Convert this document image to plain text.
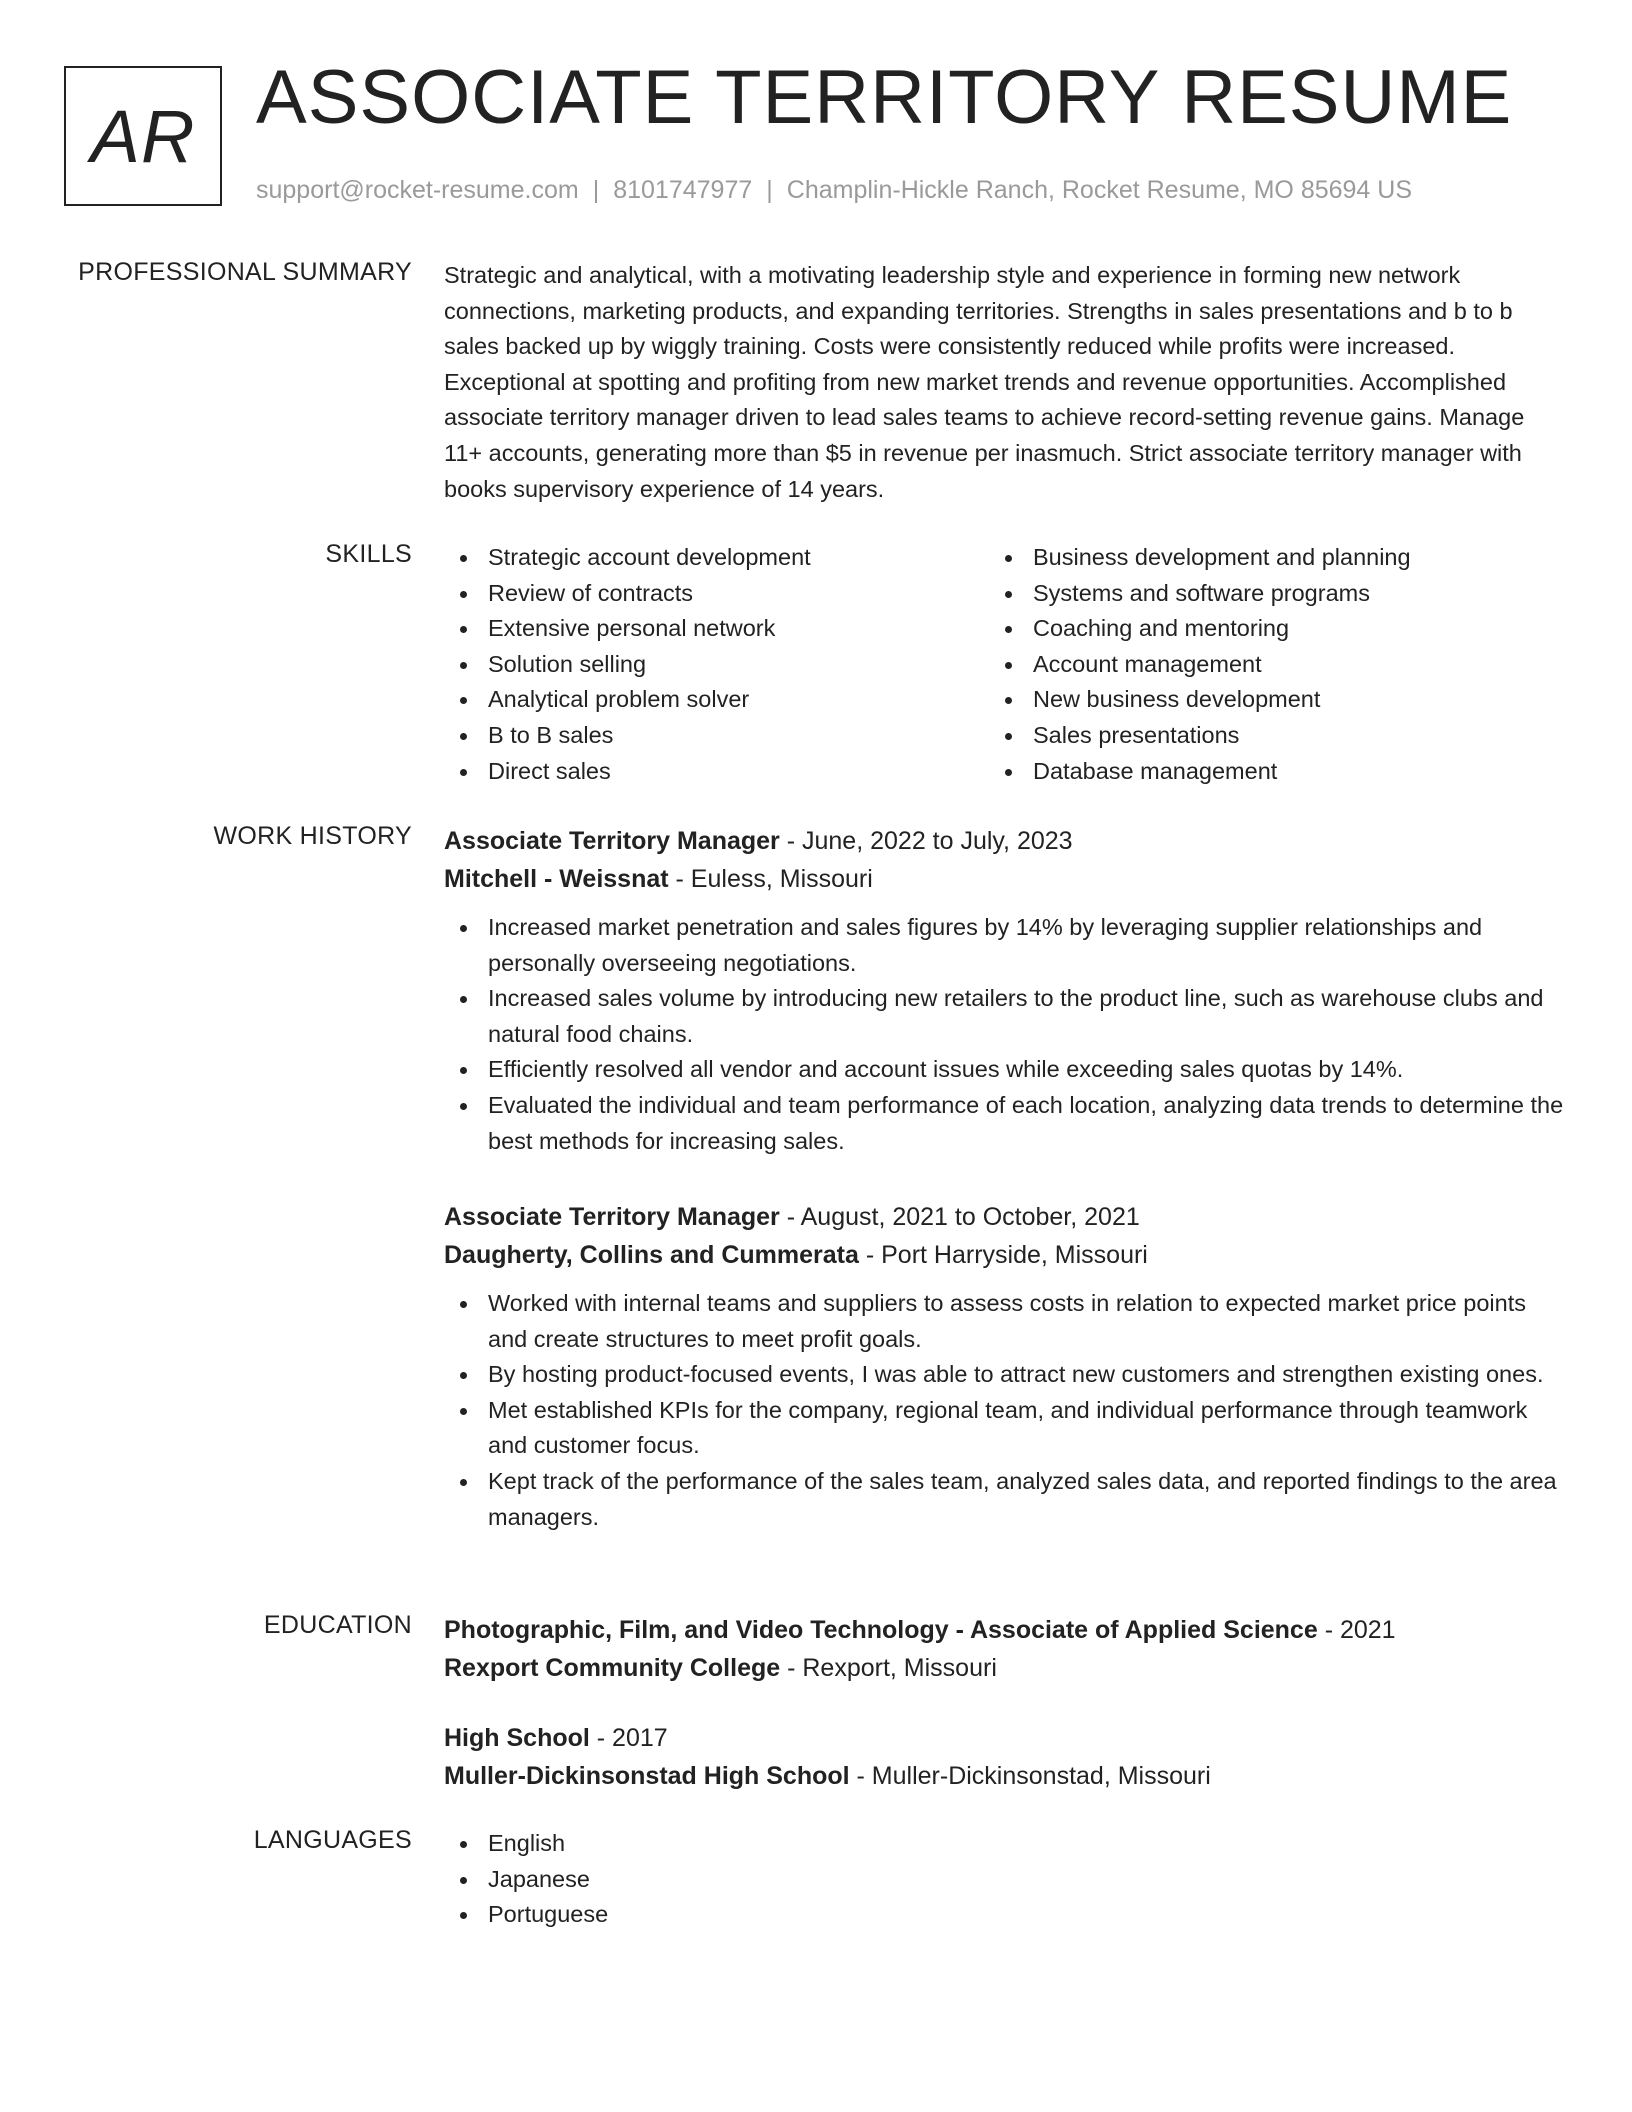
AR ASSOCIATE TERRITORY RESUME
support@rocket-resume.com | 8101747977 | Champlin-Hickle Ranch, Rocket Resume, MO 85694 US
PROFESSIONAL SUMMARY Strategic and analytical, with a motivating leadership style and experience in forming new network connections, marketing products, and expanding territories. Strengths in sales presentations and b to b sales backed up by wiggly training. Costs were consistently reduced while profits were increased. Exceptional at spotting and profiting from new market trends and revenue opportunities. Accomplished associate territory manager driven to lead sales teams to achieve record-setting revenue gains. Manage 11+ accounts, generating more than $5 in revenue per inasmuch. Strict associate territory manager with books supervisory experience of 14 years.

SKILLS	Strategic account development
Review of contracts
Extensive personal network
Solution selling
Analytical problem solver
B to B sales
Direct sales
Business development and planning
Systems and software programs
Coaching and mentoring
Account management
New business development
Sales presentations
Database management
WORK HISTORY Associate Territory Manager - June, 2022 to July, 2023
Mitchell - Weissnat - Euless, Missouri
Increased market penetration and sales figures by 14% by leveraging supplier relationships and personally overseeing negotiations.
Increased sales volume by introducing new retailers to the product line, such as warehouse clubs and natural food chains.
Efficiently resolved all vendor and account issues while exceeding sales quotas by 14%.
Evaluated the individual and team performance of each location, analyzing data trends to determine the best methods for increasing sales.
Associate Territory Manager - August, 2021 to October, 2021
Daugherty, Collins and Cummerata - Port Harryside, Missouri
Worked with internal teams and suppliers to assess costs in relation to expected market price points and create structures to meet profit goals.
By hosting product-focused events, I was able to attract new customers and strengthen existing ones.
Met established KPIs for the company, regional team, and individual performance through teamwork and customer focus.
Kept track of the performance of the sales team, analyzed sales data, and reported findings to the area managers.
EDUCATION Photographic, Film, and Video Technology - Associate of Applied Science - 2021
Rexport Community College - Rexport, Missouri
High School - 2017
Muller-Dickinsonstad High School - Muller-Dickinsonstad, Missouri
LANGUAGES	English
Japanese
Portuguese
